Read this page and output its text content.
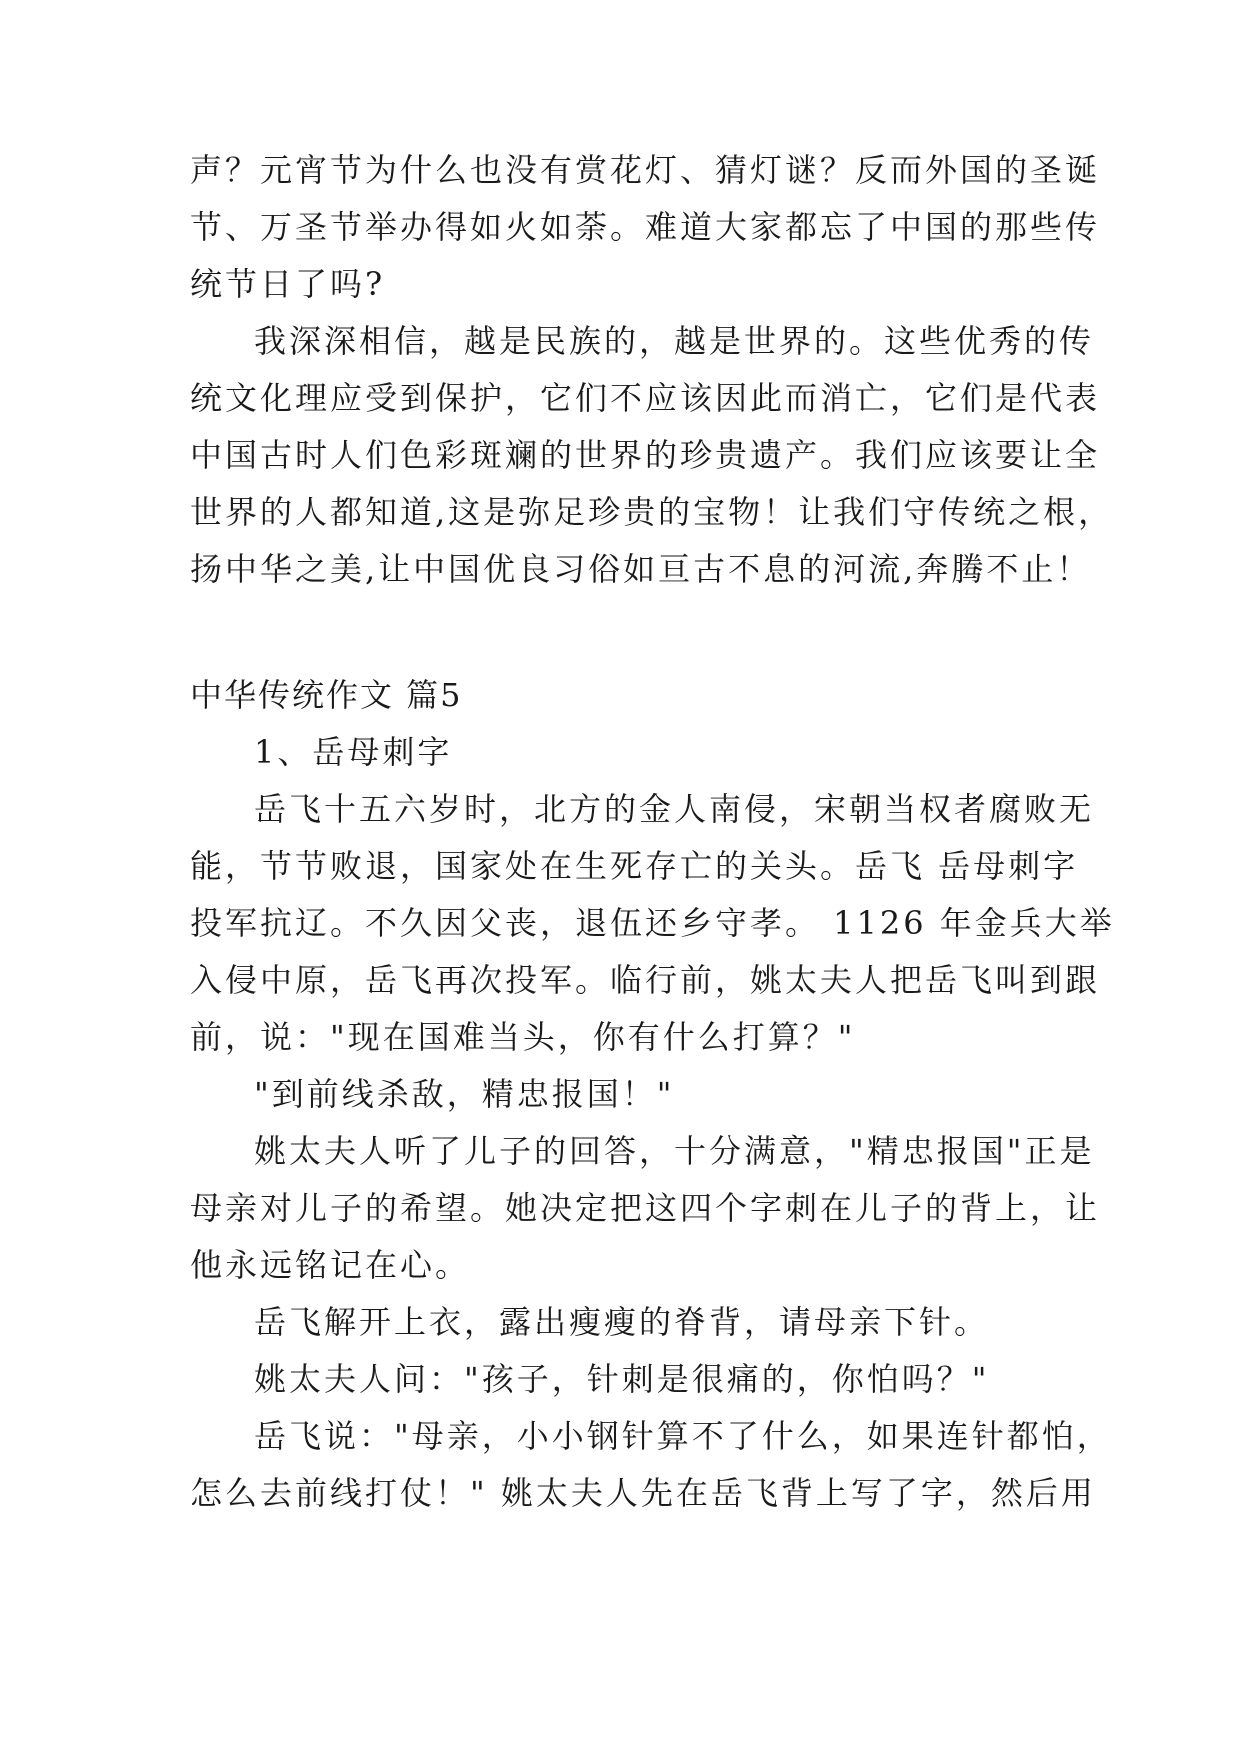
声？元宵节为什么也没有赏花灯、猜灯谜？反而外国的圣诞
节、万圣节举办得如火如荼。难道大家都忘了中国的那些传
统节日了吗?
我深深相信，越是民族的，越是世界的。这些优秀的传
统文化理应受到保护，它们不应该因此而消亡，它们是代表
中国古时人们色彩斑斓的世界的珍贵遗产。我们应该要让全
世界的人都知道,这是弥足珍贵的宝物！让我们守传统之根，
扬中华之美,让中国优良习俗如亘古不息的河流,奔腾不止！
中华传统作文 篇5
1、岳母刺字
岳飞十五六岁时，北方的金人南侵，宋朝当权者腐败无
能，节节败退，国家处在生死存亡的关头。岳飞 岳母刺字
投军抗辽。不久因父丧，退伍还乡守孝。 1126 年金兵大举
入侵中原，岳飞再次投军。临行前，姚太夫人把岳飞叫到跟
前，说："现在国难当头，你有什么打算？"
"到前线杀敌，精忠报国！"
姚太夫人听了儿子的回答，十分满意，"精忠报国"正是
母亲对儿子的希望。她决定把这四个字刺在儿子的背上，让
他永远铭记在心。
岳飞解开上衣，露出瘦瘦的脊背，请母亲下针。
姚太夫人问："孩子，针刺是很痛的，你怕吗？"
岳飞说："母亲，小小钢针算不了什么，如果连针都怕，
怎么去前线打仗！" 姚太夫人先在岳飞背上写了字，然后用
